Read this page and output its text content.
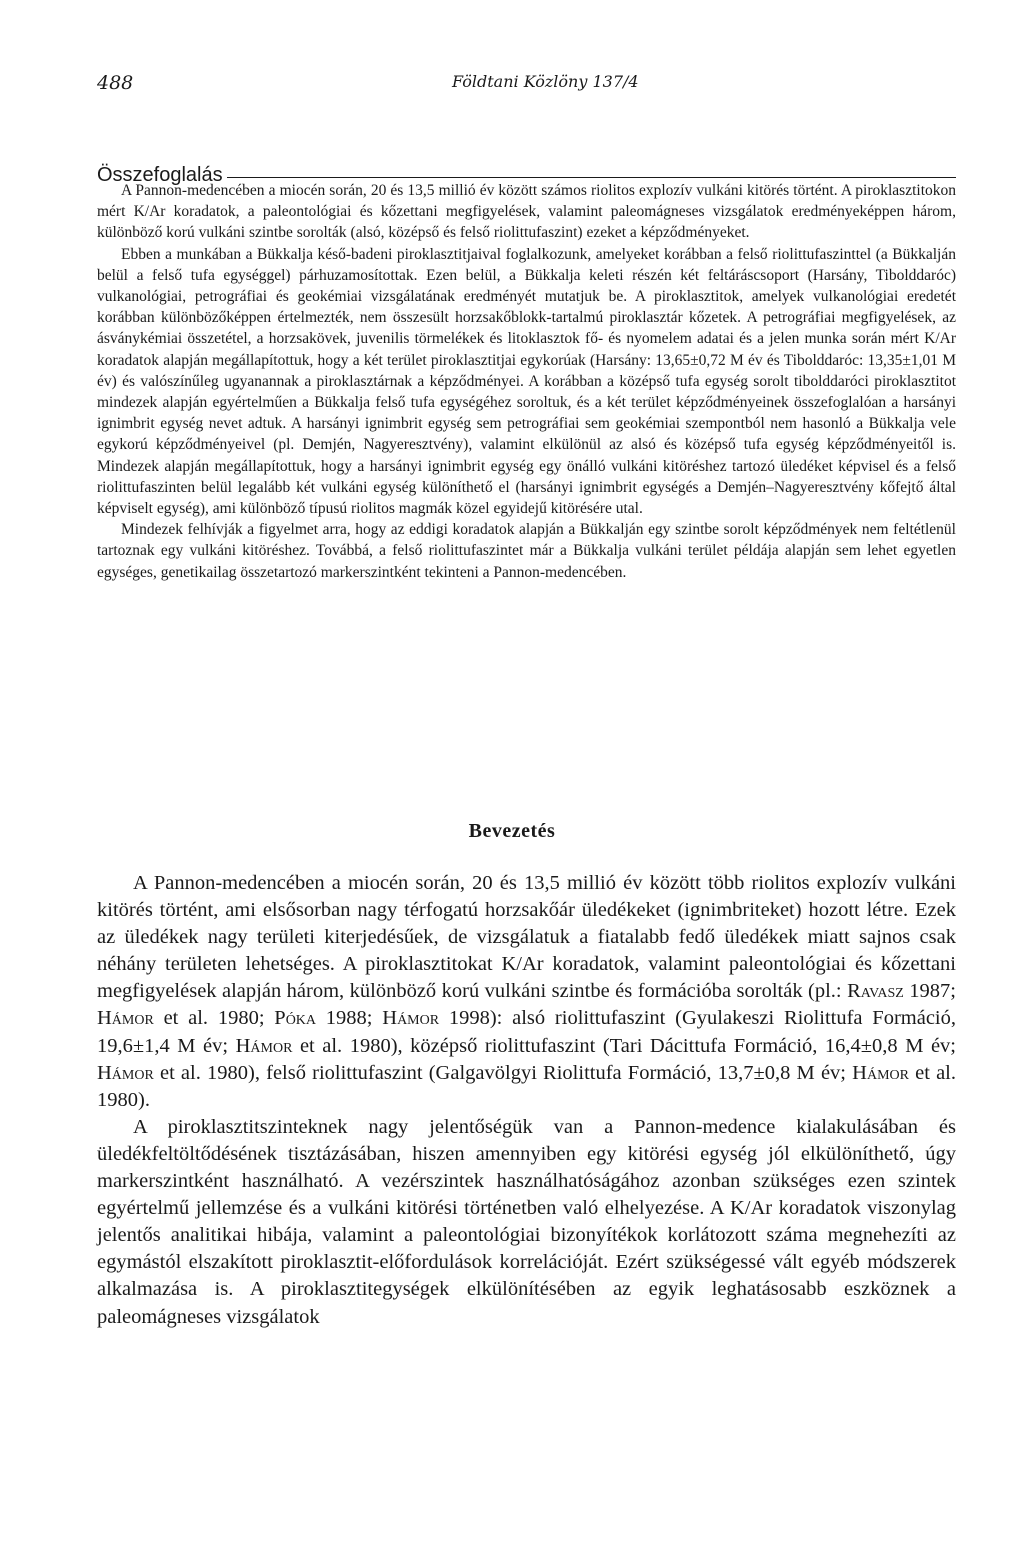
488	Földtani Közlöny 137/4
Összefoglalás

A Pannon-medencében a miocén során, 20 és 13,5 millió év között számos riolitos explozív vulkáni kitörés történt. A piroklasztitokon mért K/Ar koradatok, a paleontológiai és kőzettani megfigyelések, valamint paleomágneses vizsgálatok eredményeképpen három, különböző korú vulkáni szintbe sorolták (alsó, középső és felső riolittufaszint) ezeket a képződményeket.

Ebben a munkában a Bükkalja késő-badeni piroklasztitjaival foglalkozunk, amelyeket korábban a felső riolittufaszinttel (a Bükkalján belül a felső tufa egységgel) párhuzamosítottak. Ezen belül, a Bükkalja keleti részén két feltáráscsoport (Harsány, Tibolddaróc) vulkanológiai, petrográfiai és geokémiai vizsgálatának eredményét mutatjuk be. A piroklasztitok, amelyek vulkanológiai eredetét korábban különbözőképpen értelmezték, nem összesült horzsakőblokk-tartalmú piroklasztár kőzetek. A petrográfiai megfigyelések, az ásványkémiai összetétel, a horzsakövek, juvenilis törmelékek és litoklasztok fő- és nyomelem adatai és a jelen munka során mért K/Ar koradatok alapján megállapítottuk, hogy a két terület piroklasztitjai egykorúak (Harsány: 13,65±0,72 M év és Tibolddaróc: 13,35±1,01 M év) és valószínűleg ugyanannak a piroklasztárnak a képződményei. A korábban a középső tufa egység sorolt tibolddaróci piroklasztitot mindezek alapján egyértelműen a Bükkalja felső tufa egységéhez soroltuk, és a két terület képződményeinek összefoglalóan a harsányi ignimbrit egység nevet adtuk. A harsányi ignimbrit egység sem petrográfiai sem geokémiai szempontból nem hasonló a Bükkalja vele egykorú képződményeivel (pl. Demjén, Nagyeresztvény), valamint elkülönül az alsó és középső tufa egység képződményeitől is. Mindezek alapján megállapítottuk, hogy a harsányi ignimbrit egység egy önálló vulkáni kitöréshez tartozó üledéket képvisel és a felső riolittufaszinten belül legalább két vulkáni egység különíthető el (harsányi ignimbrit egységés a Demjén–Nagyeresztvény kőfejtő által képviselt egység), ami különböző típusú riolitos magmák közel egyidejű kitörésére utal.

Mindezek felhívják a figyelmet arra, hogy az eddigi koradatok alapján a Bükkalján egy szintbe sorolt képződmények nem feltétlenül tartoznak egy vulkáni kitöréshez. Továbbá, a felső riolittufaszintet már a Bükkalja vulkáni terület példája alapján sem lehet egyetlen egységes, genetikailag összetartozó markerszintként tekinteni a Pannon-medencében.

Bevezetés

A Pannon-medencében a miocén során, 20 és 13,5 millió év között több riolitos explozív vulkáni kitörés történt, ami elsősorban nagy térfogatú horzsakőár üledékeket (ignimbriteket) hozott létre. Ezek az üledékek nagy területi kiterjedésűek, de vizsgálatuk a fiatalabb fedő üledékek miatt sajnos csak néhány területen lehetséges. A piroklasztitokat K/Ar koradatok, valamint paleontológiai és kőzettani megfigyelések alapján három, különböző korú vulkáni szintbe és formációba sorolták (pl.: Ravasz 1987; Hámor et al. 1980; Póka 1988; Hámor 1998): alsó riolittufaszint (Gyulakeszi Riolittufa Formáció, 19,6±1,4 M év; Hámor et al. 1980), középső riolittufaszint (Tari Dácittufa Formáció, 16,4±0,8 M év; Hámor et al. 1980), felső riolittufaszint (Galgavölgyi Riolittufa Formáció, 13,7±0,8 M év; Hámor et al. 1980).

A piroklasztitszinteknek nagy jelentőségük van a Pannon-medence kialakulásában és üledékfeltöltődésének tisztázásában, hiszen amennyiben egy kitörési egység jól elkülöníthető, úgy markerszintként használható. A vezérszintek használhatóságához azonban szükséges ezen szintek egyértelmű jellemzése és a vulkáni kitörési történetben való elhelyezése. A K/Ar koradatok viszonylag jelentős analitikai hibája, valamint a paleontológiai bizonyítékok korlátozott száma megnehezíti az egymástól elszakított piroklasztit-előfordulások korrelációját. Ezért szükségessé vált egyéb módszerek alkalmazása is. A piroklasztitegységek elkülönítésében az egyik leghatásosabb eszköznek a paleomágneses vizsgálatok
